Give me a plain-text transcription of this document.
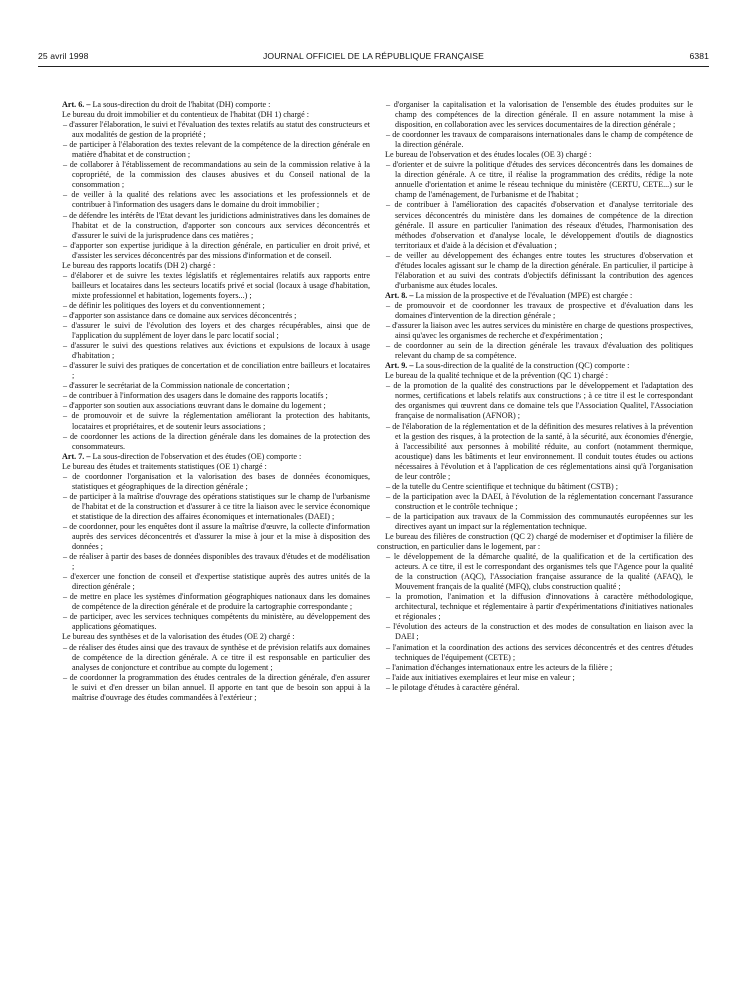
25 avril 1998	JOURNAL OFFICIEL DE LA RÉPUBLIQUE FRANÇAISE	6381

Art. 6. – La sous-direction du droit de l'habitat (DH) comporte :

Le bureau du droit immobilier et du contentieux de l'habitat (DH 1) chargé :

– d'assurer l'élaboration, le suivi et l'évaluation des textes relatifs au statut des constructeurs et aux modalités de gestion de la propriété ;

– de participer à l'élaboration des textes relevant de la compétence de la direction générale en matière d'habitat et de construction ;

– de collaborer à l'établissement de recommandations au sein de la commission relative à la copropriété, de la commission des clauses abusives et du Conseil national de la consommation ;

– de veiller à la qualité des relations avec les associations et les professionnels et de contribuer à l'information des usagers dans le domaine du droit immobilier ;

– de défendre les intérêts de l'Etat devant les juridictions administratives dans les domaines de l'habitat et de la construction, d'apporter son concours aux services déconcentrés et d'assurer le suivi de la jurisprudence dans ces matières ;

– d'apporter son expertise juridique à la direction générale, en particulier en droit privé, et d'assister les services déconcentrés par des missions d'information et de conseil.

Le bureau des rapports locatifs (DH 2) chargé :

– d'élaborer et de suivre les textes législatifs et réglementaires relatifs aux rapports entre bailleurs et locataires dans les secteurs locatifs privé et social (locaux à usage d'habitation, mixte professionnel et habitation, logements foyers...) ;

– de définir les politiques des loyers et du conventionnement ;

– d'apporter son assistance dans ce domaine aux services déconcentrés ;

– d'assurer le suivi de l'évolution des loyers et des charges récupérables, ainsi que de l'application du supplément de loyer dans le parc locatif social ;

– d'assurer le suivi des questions relatives aux évictions et expulsions de locaux à usage d'habitation ;

– d'assurer le suivi des pratiques de concertation et de conciliation entre bailleurs et locataires ;

– d'assurer le secrétariat de la Commission nationale de concertation ;

– de contribuer à l'information des usagers dans le domaine des rapports locatifs ;

– d'apporter son soutien aux associations œuvrant dans le domaine du logement ;

– de promouvoir et de suivre la réglementation améliorant la protection des habitants, locataires et propriétaires, et de soutenir leurs associations ;

– de coordonner les actions de la direction générale dans les domaines de la protection des consommateurs.

Art. 7. – La sous-direction de l'observation et des études (OE) comporte :

Le bureau des études et traitements statistiques (OE 1) chargé :

– de coordonner l'organisation et la valorisation des bases de données économiques, statistiques et géographiques de la direction générale ;

– de participer à la maîtrise d'ouvrage des opérations statistiques sur le champ de l'urbanisme de l'habitat et de la construction et d'assurer à ce titre la liaison avec le service économique et statistique de la direction des affaires économiques et internationales (DAEI) ;

– de coordonner, pour les enquêtes dont il assure la maîtrise d'œuvre, la collecte d'information auprès des services déconcentrés et d'assurer la mise à jour et la mise à disposition des données ;

– de réaliser à partir des bases de données disponibles des travaux d'études et de modélisation ;

– d'exercer une fonction de conseil et d'expertise statistique auprès des autres unités de la direction générale ;

– de mettre en place les systèmes d'information géographiques nationaux dans les domaines de compétence de la direction générale et de produire la cartographie correspondante ;

– de participer, avec les services techniques compétents du ministère, au développement des applications géomatiques.

Le bureau des synthèses et de la valorisation des études (OE 2) chargé :

– de réaliser des études ainsi que des travaux de synthèse et de prévision relatifs aux domaines de compétence de la direction générale. A ce titre il est responsable en particulier des analyses de conjoncture et contribue au compte du logement ;

– de coordonner la programmation des études centrales de la direction générale, d'en assurer le suivi et d'en dresser un bilan annuel. Il apporte en tant que de besoin son appui à la maîtrise d'ouvrage des études commandées à l'extérieur ;

– d'organiser la capitalisation et la valorisation de l'ensemble des études produites sur le champ des compétences de la direction générale. Il en assure notamment la mise à disposition, en collaboration avec les services documentaires de la direction générale ;

– de coordonner les travaux de comparaisons internationales dans le champ de compétence de la direction générale.

Le bureau de l'observation et des études locales (OE 3) chargé :

– d'orienter et de suivre la politique d'études des services déconcentrés dans les domaines de la direction générale. A ce titre, il réalise la programmation des crédits, rédige la note annuelle d'orientation et anime le réseau technique du ministère (CERTU, CETE...) sur le champ de l'aménagement, de l'urbanisme et de l'habitat ;

– de contribuer à l'amélioration des capacités d'observation et d'analyse territoriale des services déconcentrés du ministère dans les domaines de compétence de la direction générale. Il assure en particulier l'animation des réseaux d'études, l'harmonisation des méthodes d'observation et d'analyse locale, le développement d'outils de diagnostics territoriaux et d'aide à la décision et d'évaluation ;

– de veiller au développement des échanges entre toutes les structures d'observation et d'études locales agissant sur le champ de la direction générale. En particulier, il participe à l'élaboration et au suivi des contrats d'objectifs définissant la contribution des agences d'urbanisme aux études locales.

Art. 8. – La mission de la prospective et de l'évaluation (MPE) est chargée :

– de promouvoir et de coordonner les travaux de prospective et d'évaluation dans les domaines d'intervention de la direction générale ;

– d'assurer la liaison avec les autres services du ministère en charge de questions prospectives, ainsi qu'avec les organismes de recherche et d'expérimentation ;

– de coordonner au sein de la direction générale les travaux d'évaluation des politiques relevant du champ de sa compétence.

Art. 9. – La sous-direction de la qualité de la construction (QC) comporte :

Le bureau de la qualité technique et de la prévention (QC 1) chargé :

– de la promotion de la qualité des constructions par le développement et l'adaptation des normes, certifications et labels relatifs aux constructions ; à ce titre il est le correspondant des organismes qui œuvrent dans ce domaine tels que l'Association Qualitel, l'Association française de normalisation (AFNOR) ;

– de l'élaboration de la réglementation et de la définition des mesures relatives à la prévention et la gestion des risques, à la protection de la santé, à la sécurité, aux économies d'énergie, à l'accessibilité aux personnes à mobilité réduite, au confort (notamment thermique, acoustique) dans les bâtiments et leur environnement. Il conduit toutes études ou actions nécessaires à l'évolution et à l'application de ces réglementations ainsi qu'à l'organisation de leur contrôle ;

– de la tutelle du Centre scientifique et technique du bâtiment (CSTB) ;

– de la participation avec la DAEI, à l'évolution de la réglementation concernant l'assurance construction et le contrôle technique ;

– de la participation aux travaux de la Commission des communautés européennes sur les directives ayant un impact sur la réglementation technique.

Le bureau des filières de construction (QC 2) chargé de moderniser et d'optimiser la filière de construction, en particulier dans le logement, par :

– le développement de la démarche qualité, de la qualification et de la certification des acteurs. A ce titre, il est le correspondant des organismes tels que l'Agence pour la qualité de la construction (AQC), l'Association française assurance de la qualité (AFAQ), le Mouvement français de la qualité (MFQ), clubs construction qualité ;

– la promotion, l'animation et la diffusion d'innovations à caractère méthodologique, architectural, technique et réglementaire à partir d'expérimentations d'initiatives nationales et régionales ;

– l'évolution des acteurs de la construction et des modes de consultation en liaison avec la DAEI ;

– l'animation et la coordination des actions des services déconcentrés et des centres d'études techniques de l'équipement (CETE) ;

– l'animation d'échanges internationaux entre les acteurs de la filière ;

– l'aide aux initiatives exemplaires et leur mise en valeur ;

– le pilotage d'études à caractère général.
